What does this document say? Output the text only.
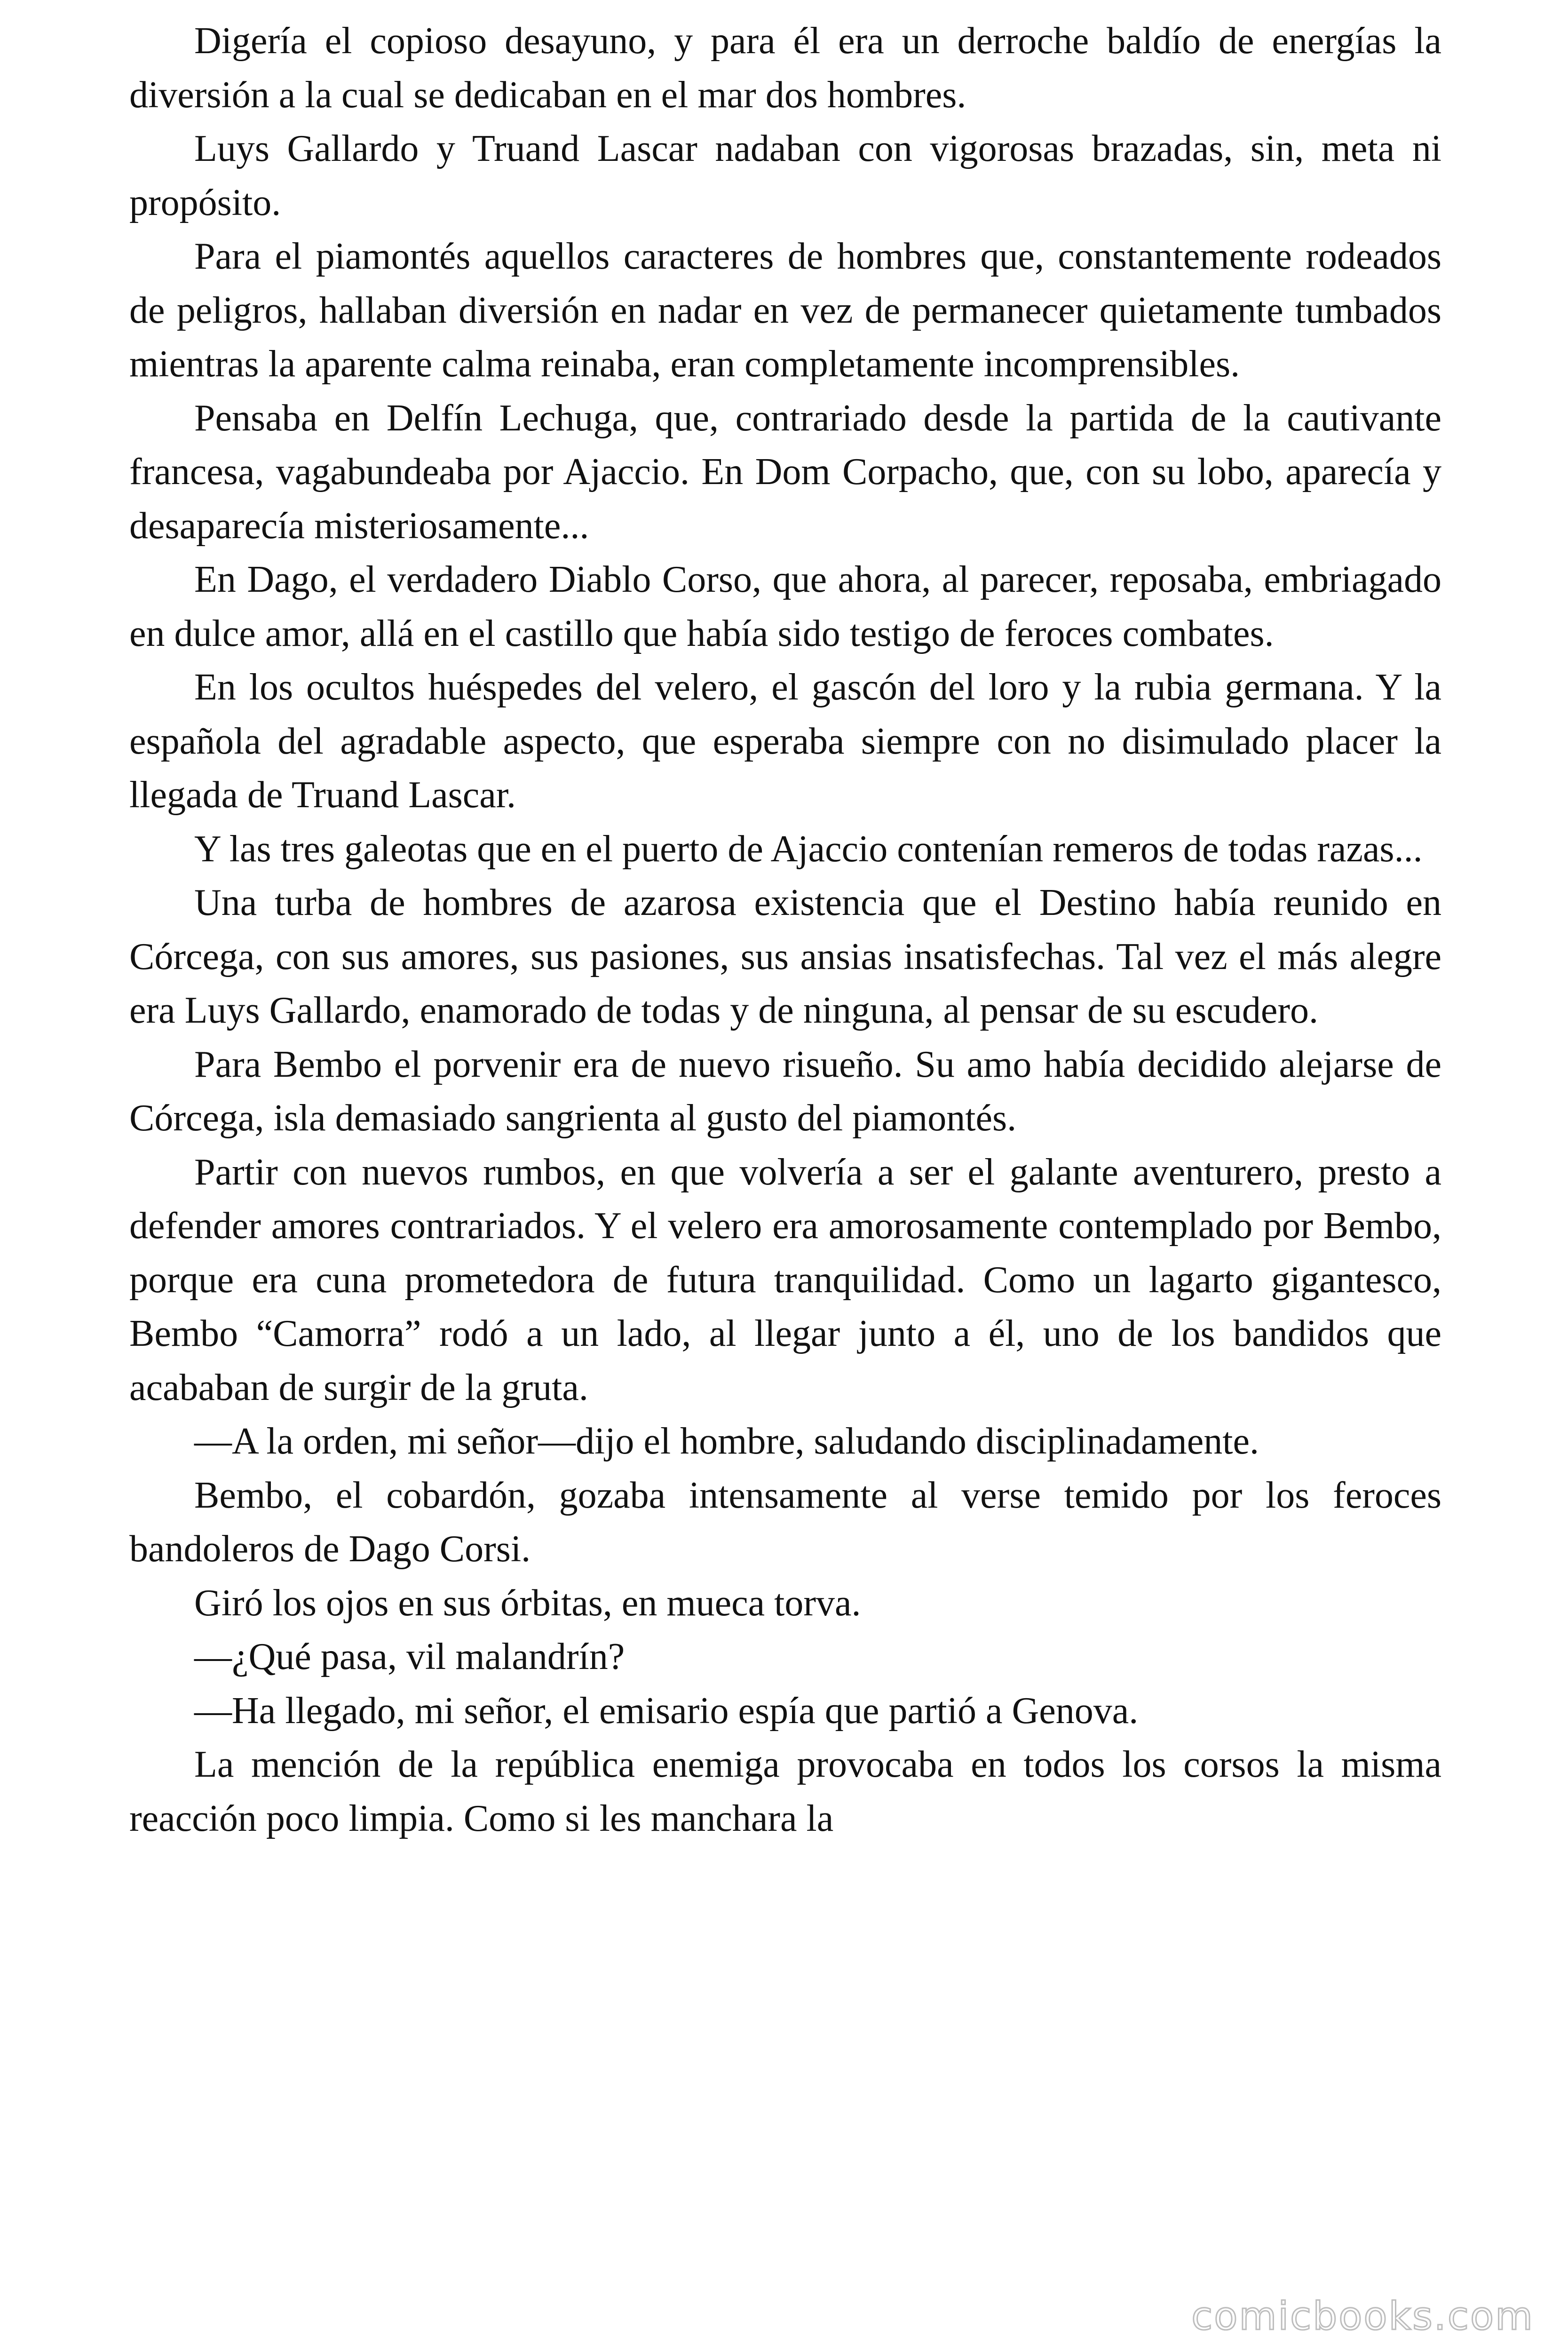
Digería el copioso desayuno, y para él era un derroche baldío de energías la diversión a la cual se dedicaban en el mar dos hombres.

Luys Gallardo y Truand Lascar nadaban con vigorosas brazadas, sin, meta ni propósito.

Para el piamontés aquellos caracteres de hombres que, constantemente rodeados de peligros, hallaban diversión en nadar en vez de permanecer quietamente tumbados mientras la aparente calma reinaba, eran completamente incomprensibles.

Pensaba en Delfín Lechuga, que, contrariado desde la partida de la cautivante francesa, vagabundeaba por Ajaccio. En Dom Corpacho, que, con su lobo, aparecía y desaparecía misteriosamente...

En Dago, el verdadero Diablo Corso, que ahora, al parecer, reposaba, embriagado en dulce amor, allá en el castillo que había sido testigo de feroces combates.

En los ocultos huéspedes del velero, el gascón del loro y la rubia germana. Y la española del agradable aspecto, que esperaba siempre con no disimulado placer la llegada de Truand Lascar.

Y las tres galeotas que en el puerto de Ajaccio contenían remeros de todas razas...

Una turba de hombres de azarosa existencia que el Destino había reunido en Córcega, con sus amores, sus pasiones, sus ansias insatisfechas. Tal vez el más alegre era Luys Gallardo, enamorado de todas y de ninguna, al pensar de su escudero.

Para Bembo el porvenir era de nuevo risueño. Su amo había decidido alejarse de Córcega, isla demasiado sangrienta al gusto del piamontés.

Partir con nuevos rumbos, en que volvería a ser el galante aventurero, presto a defender amores contrariados. Y el velero era amorosamente contemplado por Bembo, porque era cuna prometedora de futura tranquilidad. Como un lagarto gigantesco, Bembo “Camorra” rodó a un lado, al llegar junto a él, uno de los bandidos que acababan de surgir de la gruta.

—A la orden, mi señor—dijo el hombre, saludando disciplinadamente.

Bembo, el cobardón, gozaba intensamente al verse temido por los feroces bandoleros de Dago Corsi.

Giró los ojos en sus órbitas, en mueca torva.

—¿Qué pasa, vil malandrín?

—Ha llegado, mi señor, el emisario espía que partió a Genova.

La mención de la república enemiga provocaba en todos los corsos la misma reacción poco limpia. Como si les manchara la

comicbooks.com
